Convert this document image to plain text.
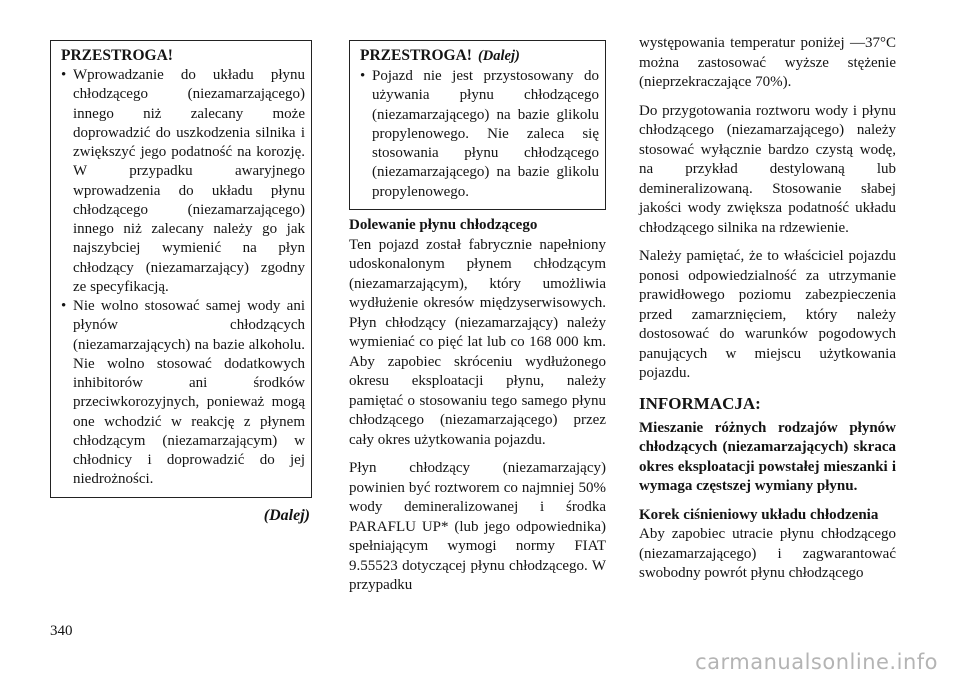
PRZESTROGA!
• Wprowadzanie do układu płynu chłodzącego (niezamarzającego) innego niż zalecany może doprowadzić do uszkodzenia silnika i zwiększyć jego podatność na korozję. W przypadku awaryjnego wprowadzenia do układu płynu chłodzącego (niezamarzającego) innego niż zalecany należy go jak najszybciej wymienić na płyn chłodzący (niezamarzający) zgodny ze specyfikacją.
• Nie wolno stosować samej wody ani płynów chłodzących (niezamarzających) na bazie alkoholu. Nie wolno stosować dodatkowych inhibitorów ani środków przeciwkorozyjnych, ponieważ mogą one wchodzić w reakcję z płynem chłodzącym (niezamarzającym) w chłodnicy i doprowadzić do jej niedrożności.
(Dalej)
PRZESTROGA! (Dalej)
• Pojazd nie jest przystosowany do używania płynu chłodzącego (niezamarzającego) na bazie glikolu propylenowego. Nie zaleca się stosowania płynu chłodzącego (niezamarzającego) na bazie glikolu propylenowego.
Dolewanie płynu chłodzącego

Ten pojazd został fabrycznie napełniony udoskonalonym płynem chłodzącym (niezamarzającym), który umożliwia wydłużenie okresów międzyserwisowych. Płyn chłodzący (niezamarzający) należy wymieniać co pięć lat lub co 168 000 km. Aby zapobiec skróceniu wydłużonego okresu eksploatacji płynu, należy pamiętać o stosowaniu tego samego płynu chłodzącego (niezamarzającego) przez cały okres użytkowania pojazdu.

Płyn chłodzący (niezamarzający) powinien być roztworem co najmniej 50% wody demineralizowanej i środka PARAFLU UP* (lub jego odpowiednika) spełniającym wymogi normy FIAT 9.55523 dotyczącej płynu chłodzącego. W przypadku

występowania temperatur poniżej —37°C można zastosować wyższe stężenie (nieprzekraczające 70%).

Do przygotowania roztworu wody i płynu chłodzącego (niezamarzającego) należy stosować wyłącznie bardzo czystą wodę, na przykład destylowaną lub demineralizowaną. Stosowanie słabej jakości wody zwiększa podatność układu chłodzącego silnika na rdzewienie.

Należy pamiętać, że to właściciel pojazdu ponosi odpowiedzialność za utrzymanie prawidłowego poziomu zabezpieczenia przed zamarznięciem, który należy dostosować do warunków pogodowych panujących w miejscu użytkowania pojazdu.

INFORMACJA:

Mieszanie różnych rodzajów płynów chłodzących (niezamarzających) skraca okres eksploatacji powstałej mieszanki i wymaga częstszej wymiany płynu.

Korek ciśnieniowy układu chłodzenia

Aby zapobiec utracie płynu chłodzącego (niezamarzającego) i zagwarantować swobodny powrót płynu chłodzącego

340
carmanualsonline.info
